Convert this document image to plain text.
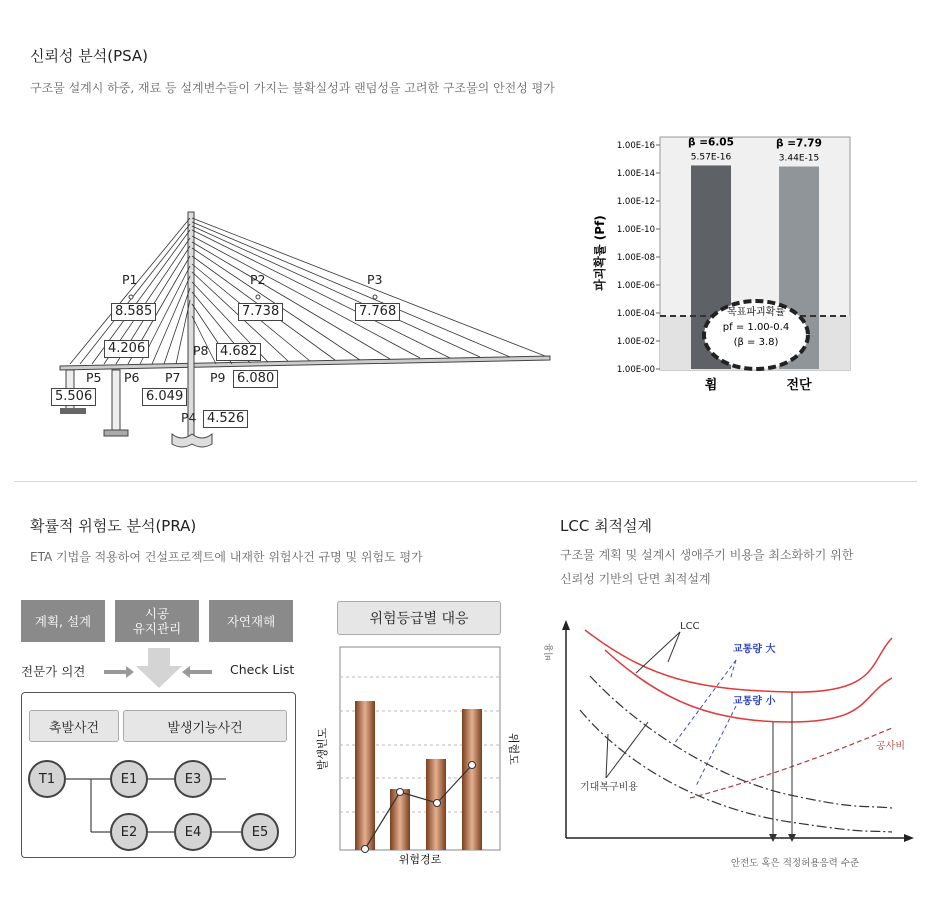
신뢰성 분석(PSA)
구조물 설계시 하중, 재료 등 설계변수들이 가지는 불확실성과 랜덤성을 고려한 구조물의 안전성 평가
P1
8.585
P2
7.738
P3
7.768
4.206	P8 4.682
P5
5.506
P6 P7
6.049
P9 6.080
P4 4.526
1.00E-16
1.00E-14
1.00E-12
1.00E-10
1.00E-08
1.00E-06
1.00E-04
1.00E-02
1.00E-00
목표파괴확률
pf = 1.00-0.4
(β = 3.8)
파괴확률 (Pf)
휨	전단
β =6.05
5.57E-16
β =7.79
3.44E-15
확률적 위험도 분석(PRA)
ETA 기법을 적용하여 건설프로젝트에 내재한 위험사건 규명 및 위험도 평가
계획, 설계	시공
유지관리	자연재해
전문가 의견	Check List
촉발사건	발생기능사건
T1	E1	E3
E2	E4	E5
위험등급별 대응
발생빈도	위험도
위험경로
LCC 최적설계
구조물 계획 및 설계시 생애주기 비용을 최소화하기 위한
신뢰성 기반의 단면 최적설계
비용
안전도 혹은 적정허용응력 수준
LCC
교통량 大
교통량 小
공사비
기대복구비용
